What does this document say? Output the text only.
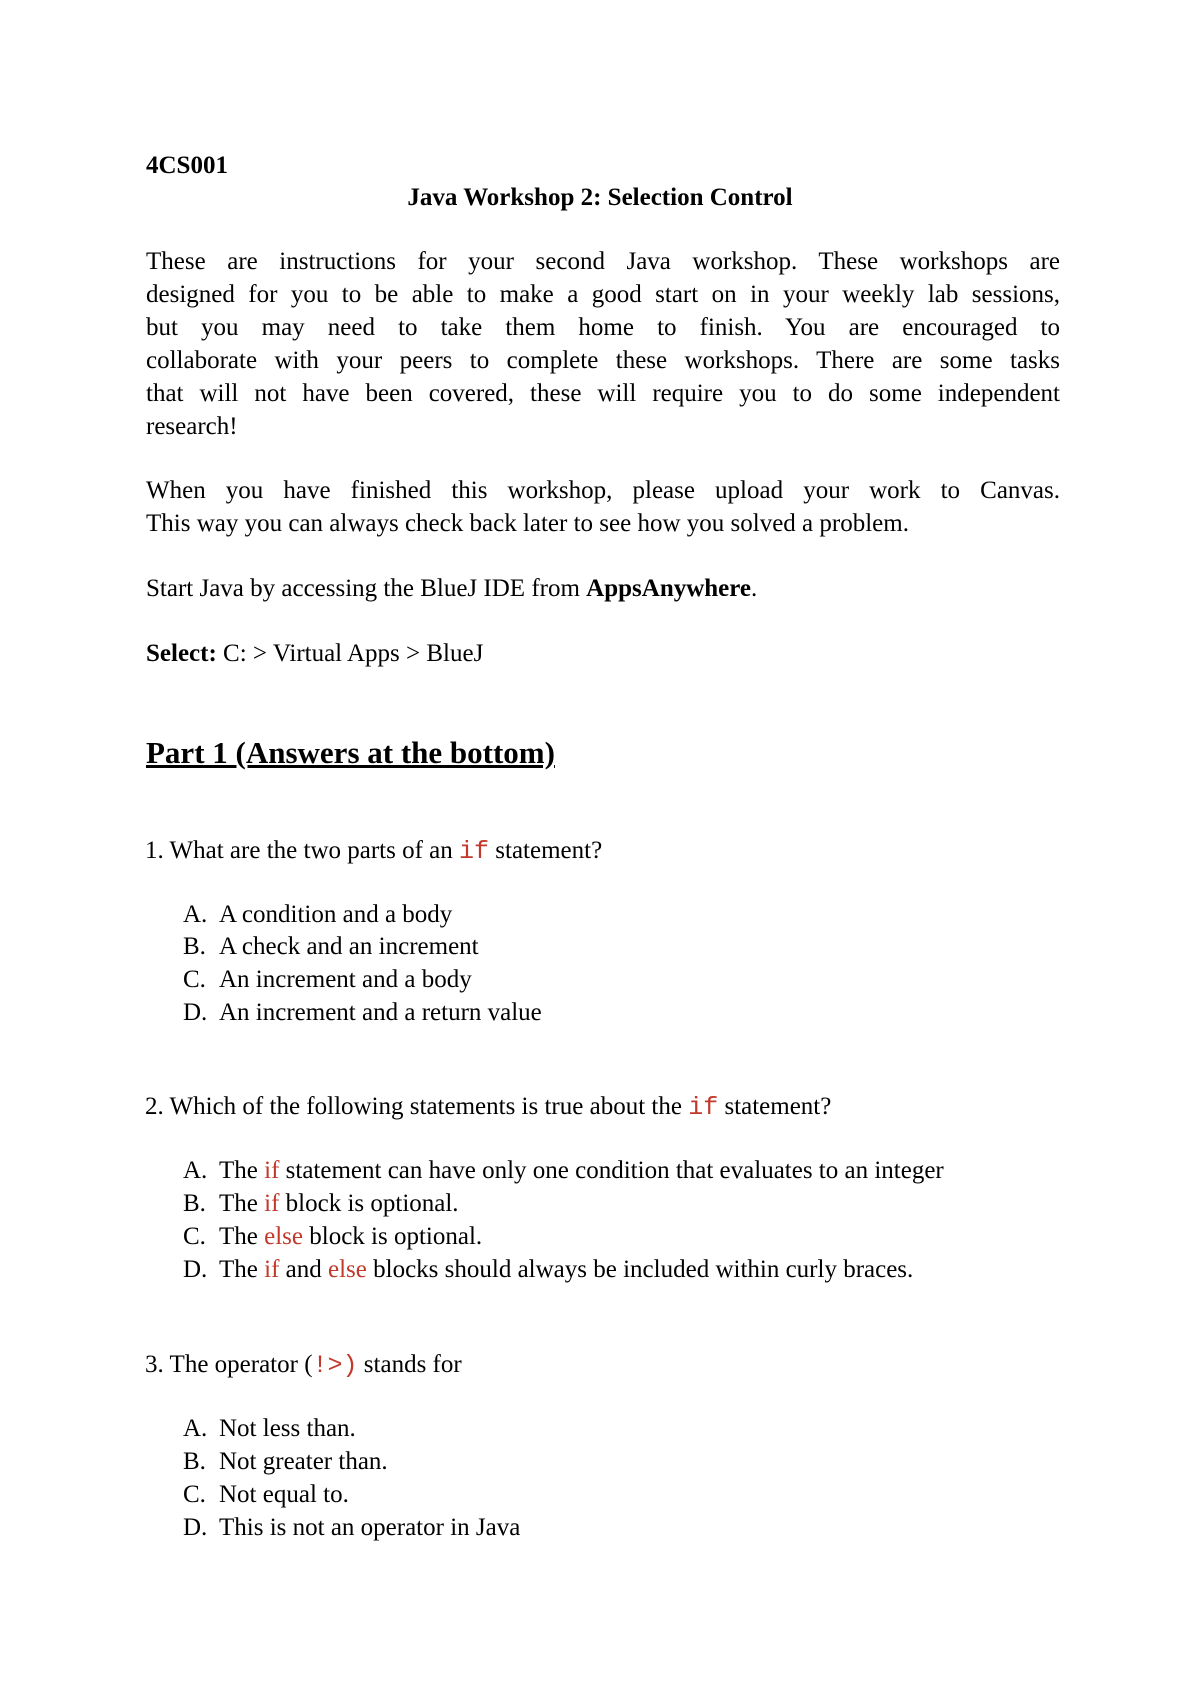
4CS001
Java Workshop 2: Selection Control
These are instructions for your second Java workshop. These workshops are
designed for you to be able to make a good start on in your weekly lab sessions,
but you may need to take them home to finish. You are encouraged to
collaborate with your peers to complete these workshops. There are some tasks
that will not have been covered, these will require you to do some independent
research!
When you have finished this workshop, please upload your work to Canvas.
This way you can always check back later to see how you solved a problem.
Start Java by accessing the BlueJ IDE from AppsAnywhere.
Select: C: > Virtual Apps > BlueJ
Part 1 (Answers at the bottom)
1. What are the two parts of an if statement?
A. A condition and a body
B. A check and an increment
C. An increment and a body
D. An increment and a return value
2. Which of the following statements is true about the if statement?
A. The if statement can have only one condition that evaluates to an integer
B. The if block is optional.
C. The else block is optional.
D. The if and else blocks should always be included within curly braces.
3. The operator (!>) stands for
A. Not less than.
B. Not greater than.
C. Not equal to.
D. This is not an operator in Java
